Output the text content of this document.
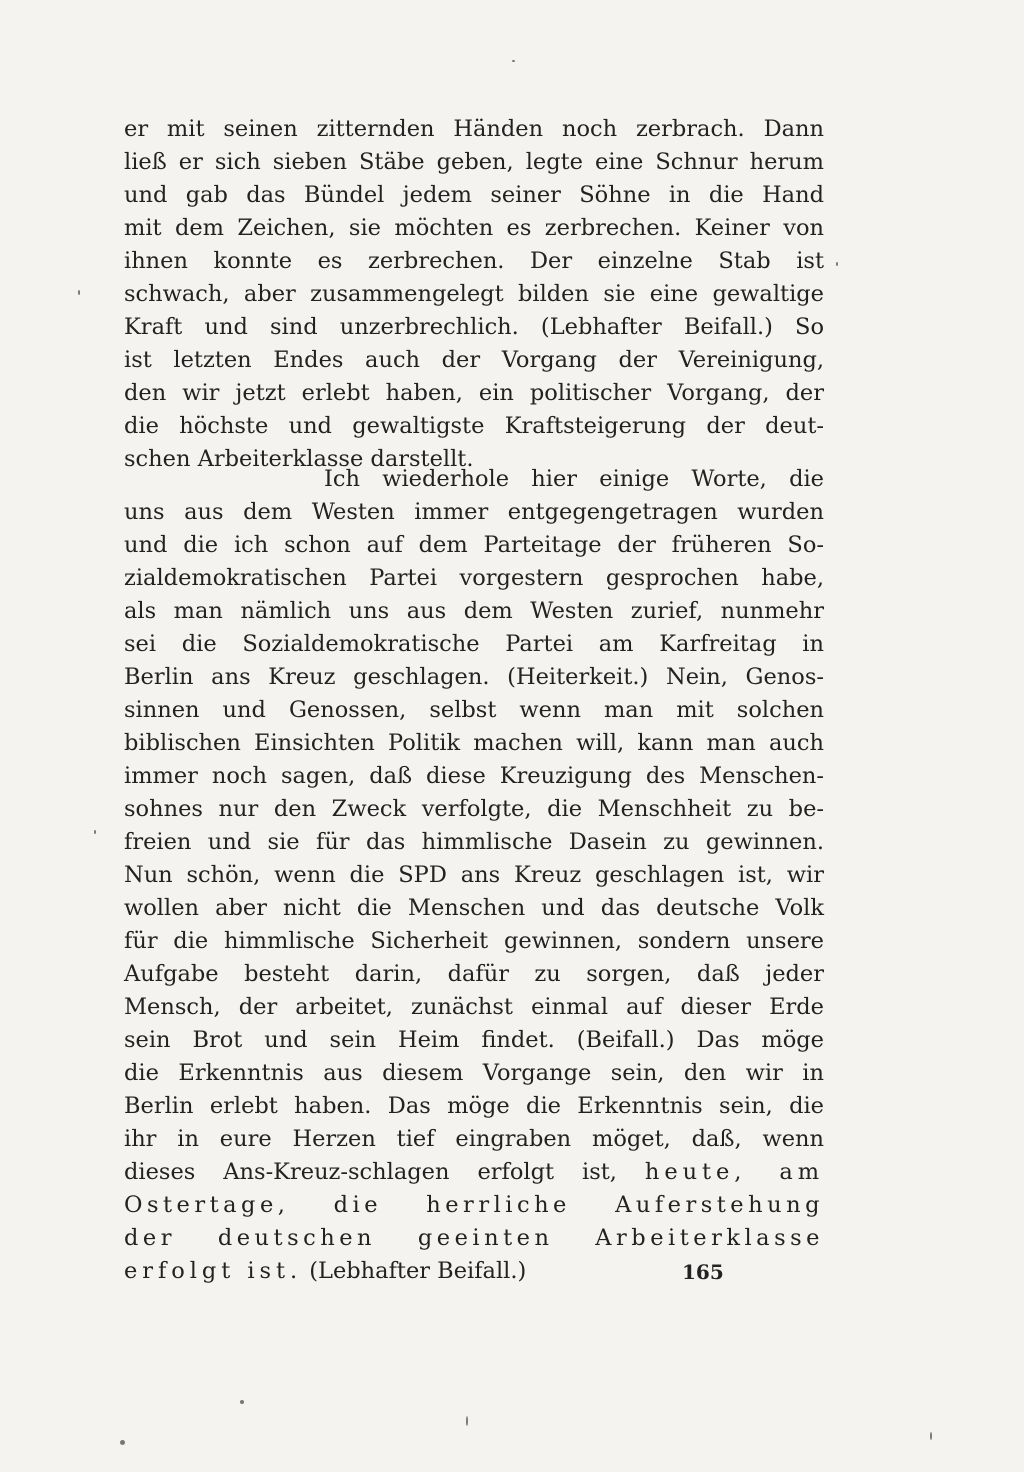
er mit seinen zitternden Händen noch zerbrach. Dann
ließ er sich sieben Stäbe geben, legte eine Schnur herum
und gab das Bündel jedem seiner Söhne in die Hand
mit dem Zeichen, sie möchten es zerbrechen. Keiner von
ihnen konnte es zerbrechen. Der einzelne Stab ist
schwach, aber zusammengelegt bilden sie eine gewaltige
Kraft und sind unzerbrechlich. (Lebhafter Beifall.) So
ist letzten Endes auch der Vorgang der Vereinigung,
den wir jetzt erlebt haben, ein politischer Vorgang, der
die höchste und gewaltigste Kraftsteigerung der deut-
schen Arbeiterklasse darstellt.
Ich wiederhole hier einige Worte, die
uns aus dem Westen immer entgegengetragen wurden
und die ich schon auf dem Parteitage der früheren So-
zialdemokratischen Partei vorgestern gesprochen habe,
als man nämlich uns aus dem Westen zurief, nunmehr
sei die Sozialdemokratische Partei am Karfreitag in
Berlin ans Kreuz geschlagen. (Heiterkeit.) Nein, Genos-
sinnen und Genossen, selbst wenn man mit solchen
biblischen Einsichten Politik machen will, kann man auch
immer noch sagen, daß diese Kreuzigung des Menschen-
sohnes nur den Zweck verfolgte, die Menschheit zu be-
freien und sie für das himmlische Dasein zu gewinnen.
Nun schön, wenn die SPD ans Kreuz geschlagen ist, wir
wollen aber nicht die Menschen und das deutsche Volk
für die himmlische Sicherheit gewinnen, sondern unsere
Aufgabe besteht darin, dafür zu sorgen, daß jeder
Mensch, der arbeitet, zunächst einmal auf dieser Erde
sein Brot und sein Heim findet. (Beifall.) Das möge
die Erkenntnis aus diesem Vorgange sein, den wir in
Berlin erlebt haben. Das möge die Erkenntnis sein, die
ihr in eure Herzen tief eingraben möget, daß, wenn
dieses Ans-Kreuz-schlagen erfolgt ist, heute, am
Ostertage, die herrliche Auferstehung
der deutschen geeinten Arbeiterklasse
erfolgt ist. (Lebhafter Beifall.)	165
